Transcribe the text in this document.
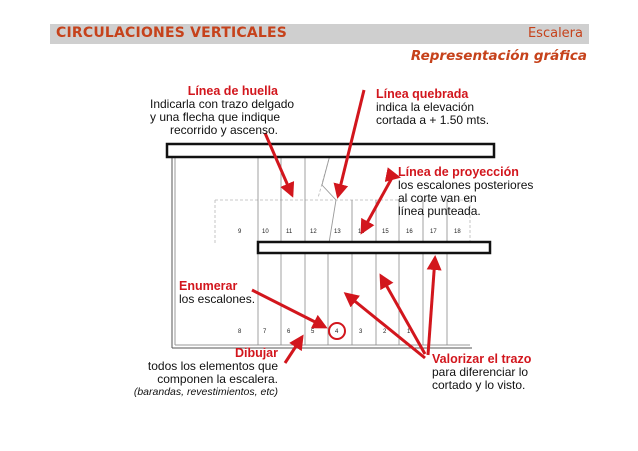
CIRCULACIONES VERTICALES	Escalera
Representación gráfica
9	10	11	12	13	14	15	16	17	18
8	7	6	5	4	3	2	1
Línea de huella
Indicarla con trazo delgado
y una flecha que indique
recorrido y ascenso.
Línea quebrada
indica la elevación
cortada a + 1.50 mts.
Línea de proyección
los escalones posteriores
al corte van en
línea punteada.
Enumerar
los escalones.
Dibujar
todos los elementos que
componen la escalera.
(barandas, revestimientos, etc)
Valorizar el trazo
para diferenciar lo
cortado y lo visto.
